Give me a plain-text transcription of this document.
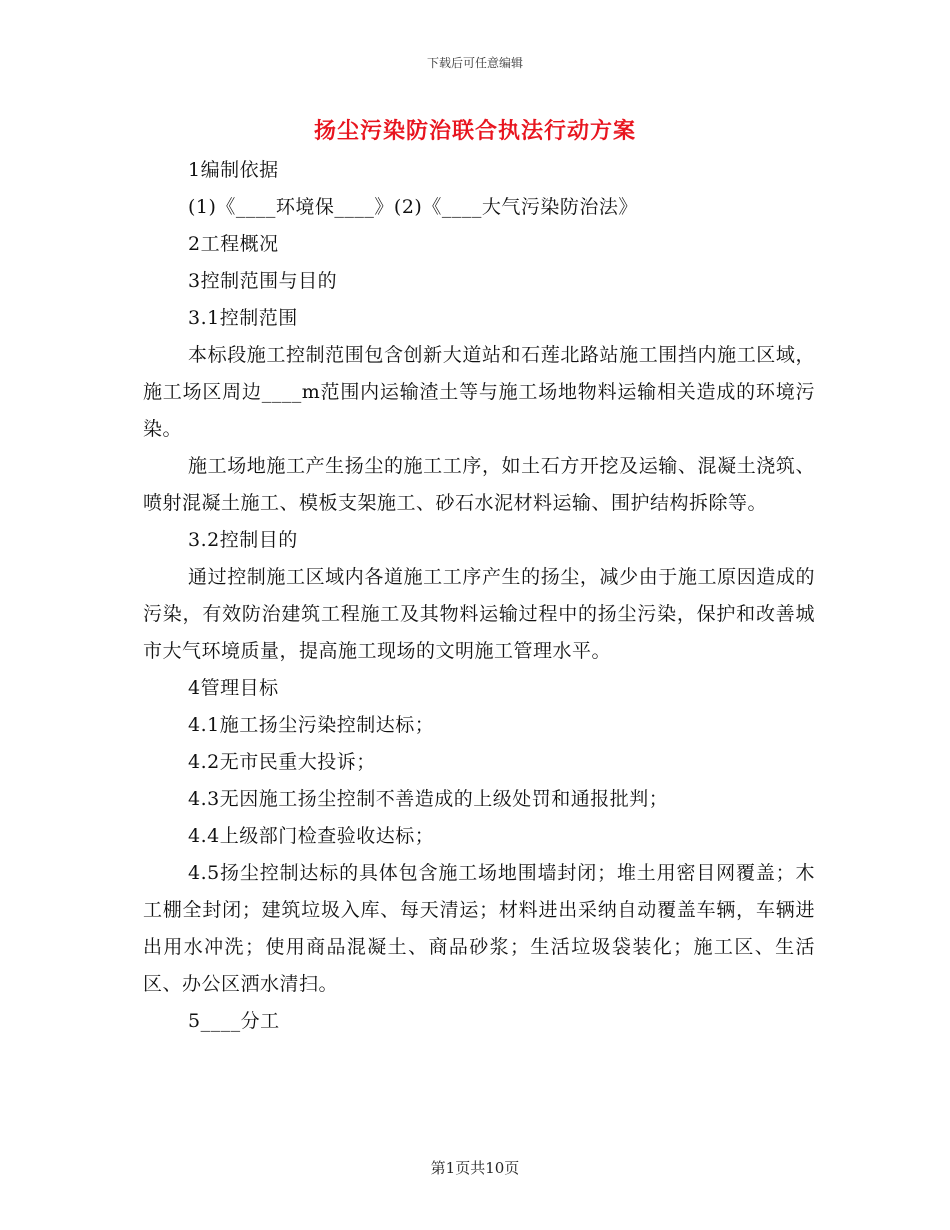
下载后可任意编辑
扬尘污染防治联合执法行动方案

1编制依据

(1)《____环境保____》(2)《____大气污染防治法》

2工程概况

3控制范围与目的

3.1控制范围

本标段施工控制范围包含创新大道站和石莲北路站施工围挡内施工区域，施工场区周边____m范围内运输渣土等与施工场地物料运输相关造成的环境污染。

施工场地施工产生扬尘的施工工序，如土石方开挖及运输、混凝土浇筑、喷射混凝土施工、模板支架施工、砂石水泥材料运输、围护结构拆除等。

3.2控制目的

通过控制施工区域内各道施工工序产生的扬尘，减少由于施工原因造成的污染，有效防治建筑工程施工及其物料运输过程中的扬尘污染，保护和改善城市大气环境质量，提高施工现场的文明施工管理水平。

4管理目标

4.1施工扬尘污染控制达标；

4.2无市民重大投诉；

4.3无因施工扬尘控制不善造成的上级处罚和通报批判；

4.4上级部门检查验收达标；

4.5扬尘控制达标的具体包含施工场地围墙封闭；堆土用密目网覆盖；木工棚全封闭；建筑垃圾入库、每天清运；材料进出采纳自动覆盖车辆，车辆进出用水冲洗；使用商品混凝土、商品砂浆；生活垃圾袋装化；施工区、生活区、办公区洒水清扫。

5____分工

第1页共10页
